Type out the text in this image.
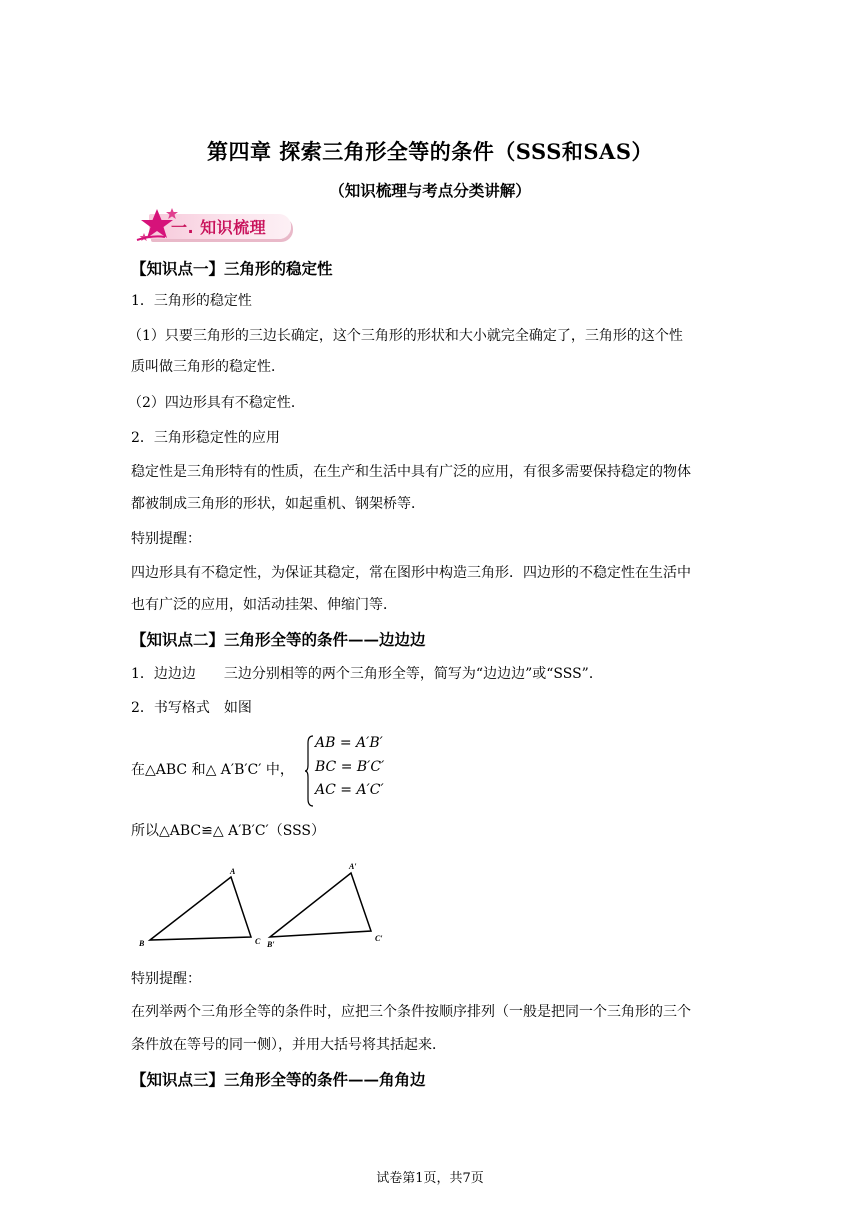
第四章 探索三角形全等的条件（SSS和SAS）
（知识梳理与考点分类讲解）
一. 知识梳理
【知识点一】三角形的稳定性
1．三角形的稳定性
（1）只要三角形的三边长确定，这个三角形的形状和大小就完全确定了，三角形的这个性
质叫做三角形的稳定性．
（2）四边形具有不稳定性．
2．三角形稳定性的应用
稳定性是三角形特有的性质，在生产和生活中具有广泛的应用，有很多需要保持稳定的物体
都被制成三角形的形状，如起重机、钢架桥等．
特别提醒：
四边形具有不稳定性，为保证其稳定，常在图形中构造三角形．四边形的不稳定性在生活中
也有广泛的应用，如活动挂架、伸缩门等．
【知识点二】三角形全等的条件——边边边
1．边边边　　三边分别相等的两个三角形全等，简写为“边边边”或“SSS”．
2．书写格式　如图
在△ABC 和△ A′B′C′ 中，
AB = A′B′
BC = B′C′
AC = A′C′
所以△ABC≌△ A′B′C′（SSS）
A
B	C
A′
B′
C′
特别提醒：
在列举两个三角形全等的条件时，应把三个条件按顺序排列（一般是把同一个三角形的三个
条件放在等号的同一侧），并用大括号将其括起来．
【知识点三】三角形全等的条件——角角边
试卷第1页，共7页
